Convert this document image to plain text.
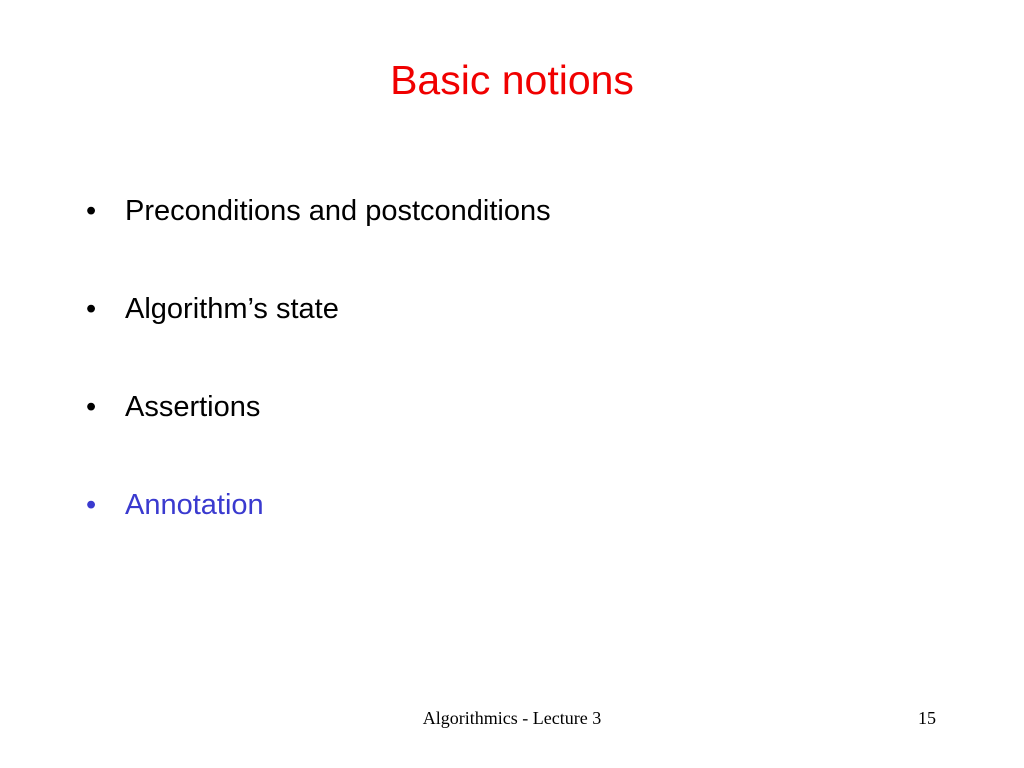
Basic notions
• Preconditions and postconditions
• Algorithm’s state
• Assertions
• Annotation
Algorithmics - Lecture 3	15
